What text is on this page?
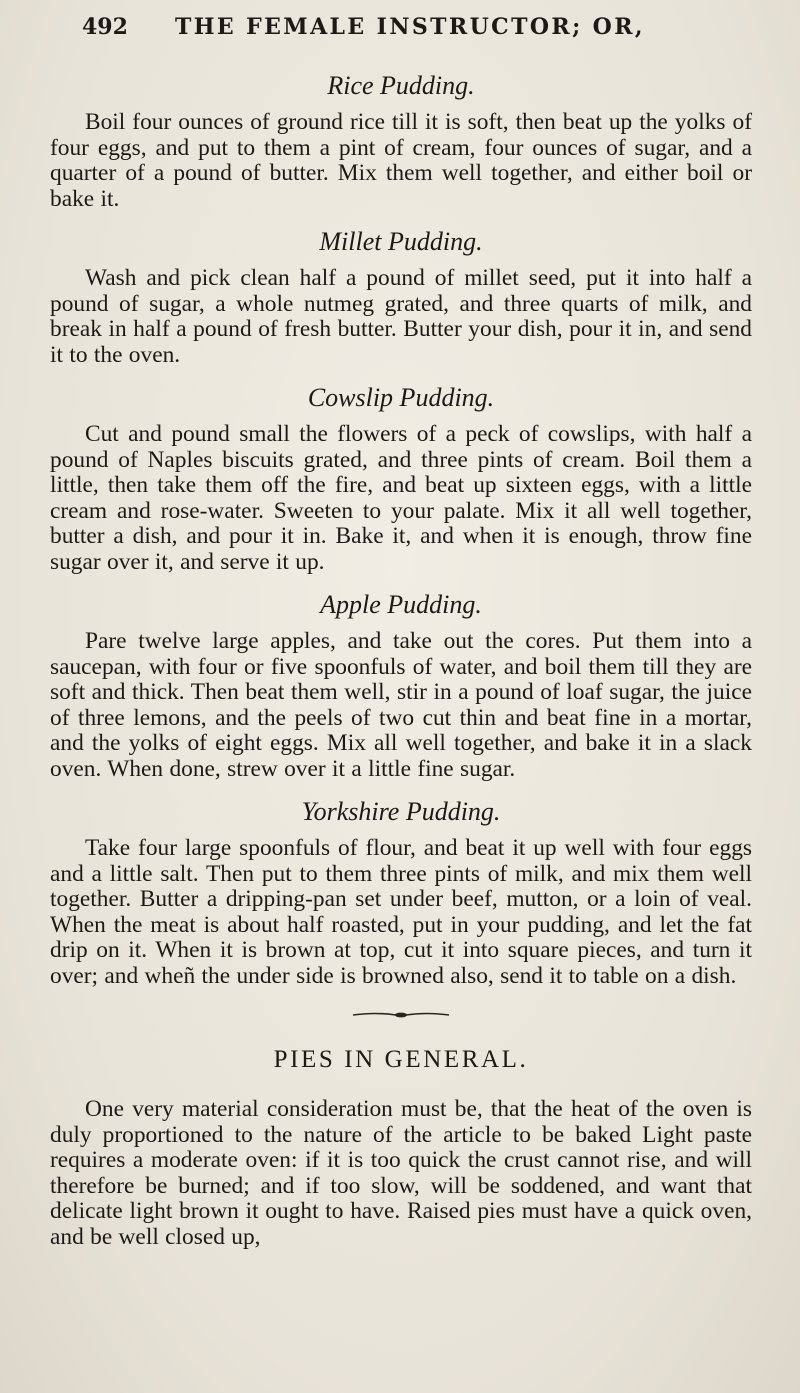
492	THE FEMALE INSTRUCTOR; OR,
Rice Pudding.

Boil four ounces of ground rice till it is soft, then beat up the yolks of four eggs, and put to them a pint of cream, four ounces of sugar, and a quarter of a pound of butter. Mix them well together, and either boil or bake it.

Millet Pudding.

Wash and pick clean half a pound of millet seed, put it into half a pound of sugar, a whole nutmeg grated, and three quarts of milk, and break in half a pound of fresh butter. Butter your dish, pour it in, and send it to the oven.

Cowslip Pudding.

Cut and pound small the flowers of a peck of cowslips, with half a pound of Naples biscuits grated, and three pints of cream. Boil them a little, then take them off the fire, and beat up sixteen eggs, with a little cream and rose-water. Sweeten to your palate. Mix it all well together, butter a dish, and pour it in. Bake it, and when it is enough, throw fine sugar over it, and serve it up.

Apple Pudding.

Pare twelve large apples, and take out the cores. Put them into a saucepan, with four or five spoonfuls of water, and boil them till they are soft and thick. Then beat them well, stir in a pound of loaf sugar, the juice of three lemons, and the peels of two cut thin and beat fine in a mortar, and the yolks of eight eggs. Mix all well together, and bake it in a slack oven. When done, strew over it a little fine sugar.

Yorkshire Pudding.

Take four large spoonfuls of flour, and beat it up well with four eggs and a little salt. Then put to them three pints of milk, and mix them well together. Butter a dripping-pan set under beef, mutton, or a loin of veal. When the meat is about half roasted, put in your pudding, and let the fat drip on it. When it is brown at top, cut it into square pieces, and turn it over; and wheñ the under side is browned also, send it to table on a dish.

PIES IN GENERAL.

One very material consideration must be, that the heat of the oven is duly proportioned to the nature of the article to be baked Light paste requires a moderate oven: if it is too quick the crust cannot rise, and will therefore be burned; and if too slow, will be soddened, and want that delicate light brown it ought to have. Raised pies must have a quick oven, and be well closed up,
